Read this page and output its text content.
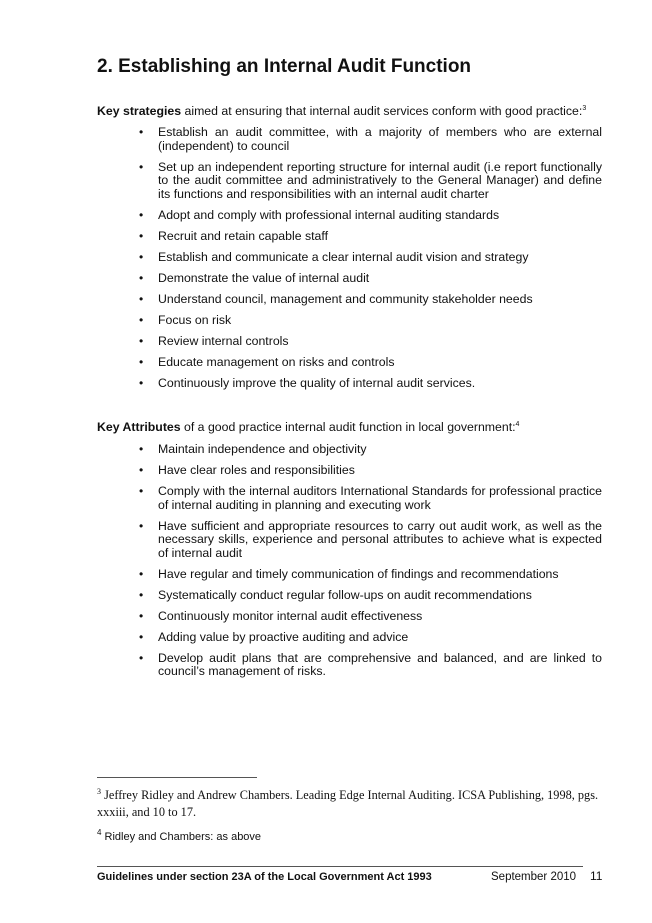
2. Establishing an Internal Audit Function

Key strategies aimed at ensuring that internal audit services conform with good practice:$^3$

• Establish an audit committee, with a majority of members who are external (independent) to council
• Set up an independent reporting structure for internal audit (i.e report functionally to the audit committee and administratively to the General Manager) and define its functions and responsibilities with an internal audit charter
• Adopt and comply with professional internal auditing standards
• Recruit and retain capable staff
• Establish and communicate a clear internal audit vision and strategy
• Demonstrate the value of internal audit
• Understand council, management and community stakeholder needs
• Focus on risk
• Review internal controls
• Educate management on risks and controls
• Continuously improve the quality of internal audit services.

Key Attributes of a good practice internal audit function in local government:$^4$

• Maintain independence and objectivity
• Have clear roles and responsibilities
• Comply with the internal auditors International Standards for professional practice of internal auditing in planning and executing work
• Have sufficient and appropriate resources to carry out audit work, as well as the necessary skills, experience and personal attributes to achieve what is expected of internal audit
• Have regular and timely communication of findings and recommendations
• Systematically conduct regular follow-ups on audit recommendations
• Continuously monitor internal audit effectiveness
• Adding value by proactive auditing and advice
• Develop audit plans that are comprehensive and balanced, and are linked to council’s management of risks.

$^3$ Jeffrey Ridley and Andrew Chambers. Leading Edge Internal Auditing. ICSA Publishing, 1998, pgs. xxxiii, and 10 to 17.

$^4$ Ridley and Chambers: as above

Guidelines under section 23A of the Local Government Act 1993	September 2010 11
